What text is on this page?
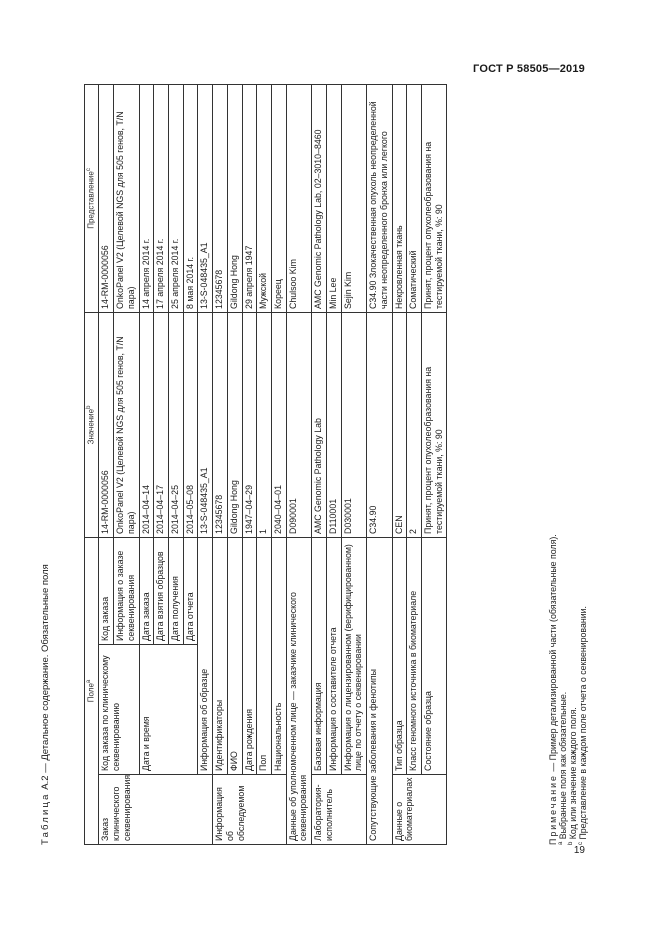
ГОСТ Р 58505—2019
19
Таблица А.2 — Детальное содержание. Обязательные поля	Поле$^a$			Значение$^b$	Представление$^c$
Заказ клинического секвенирования	Код заказа по клиническому секвенированию	Код заказа	14-RM-0000056	14-RM-0000056
		Информация о заказе секвенирования	OnkoPanel V2 (Целевой NGS для 505 генов, T/N пара)	OnkoPanel V2 (Целевой NGS для 505 генов, T/N пара)
	Дата и время	Дата заказа	2014–04–14	14 апреля 2014 г.
		Дата взятия образцов	2014–04–17	17 апреля 2014 г.
		Дата получения	2014–04–25	25 апреля 2014 г.
		Дата отчета	2014–05–08	8 мая 2014 г.
	Информация об образце		13-S-048435_A1	13-S-048435_A1
Информация об обследуемом	Идентификаторы		12345678	12345678
	ФИО		Gildong Hong	Gildong Hong
	Дата рождения		1947–04–29	29 апреля 1947
	Пол		1	Мужской
	Национальность		2040–04–01	Кореец
Данные об уполномоченном лице — заказчике клинического секвенирования			D090001	Chulsoo Kim
Лаборатория-исполнитель	Базовая информация		AMC Genomic Pathology Lab	AMC Genomic Pathology Lab, 02–3010–8460
	Информация о составителе отчета		D110001	Min Lee
	Информация о лицензированном (верифицированном) лице по отчету о секвенировании		D030001	Sejin Kim
Сопутствующие заболевания и фенотипы			C34.90	C34.90 Злокачественная опухоль неопределенной части неопределенного бронха или легкого
Данные о биоматериалах	Тип образца		CEN	Некровленная ткань
	Класс геномного источника в биоматериале		2	Соматический
	Состояние образца		Принят, процент опухолеобразования на тестируемой ткани, %: 90	Принят, процент опухолеобразования на тестируемой ткани, %: 90
Примечание — Пример детализированной части (обязательные поля).
$^a$ Выбранные поля как обязательные.
$^b$ Код или значение каждого поля.
$^c$ Представление в каждом поле отчета о секвенировании.
